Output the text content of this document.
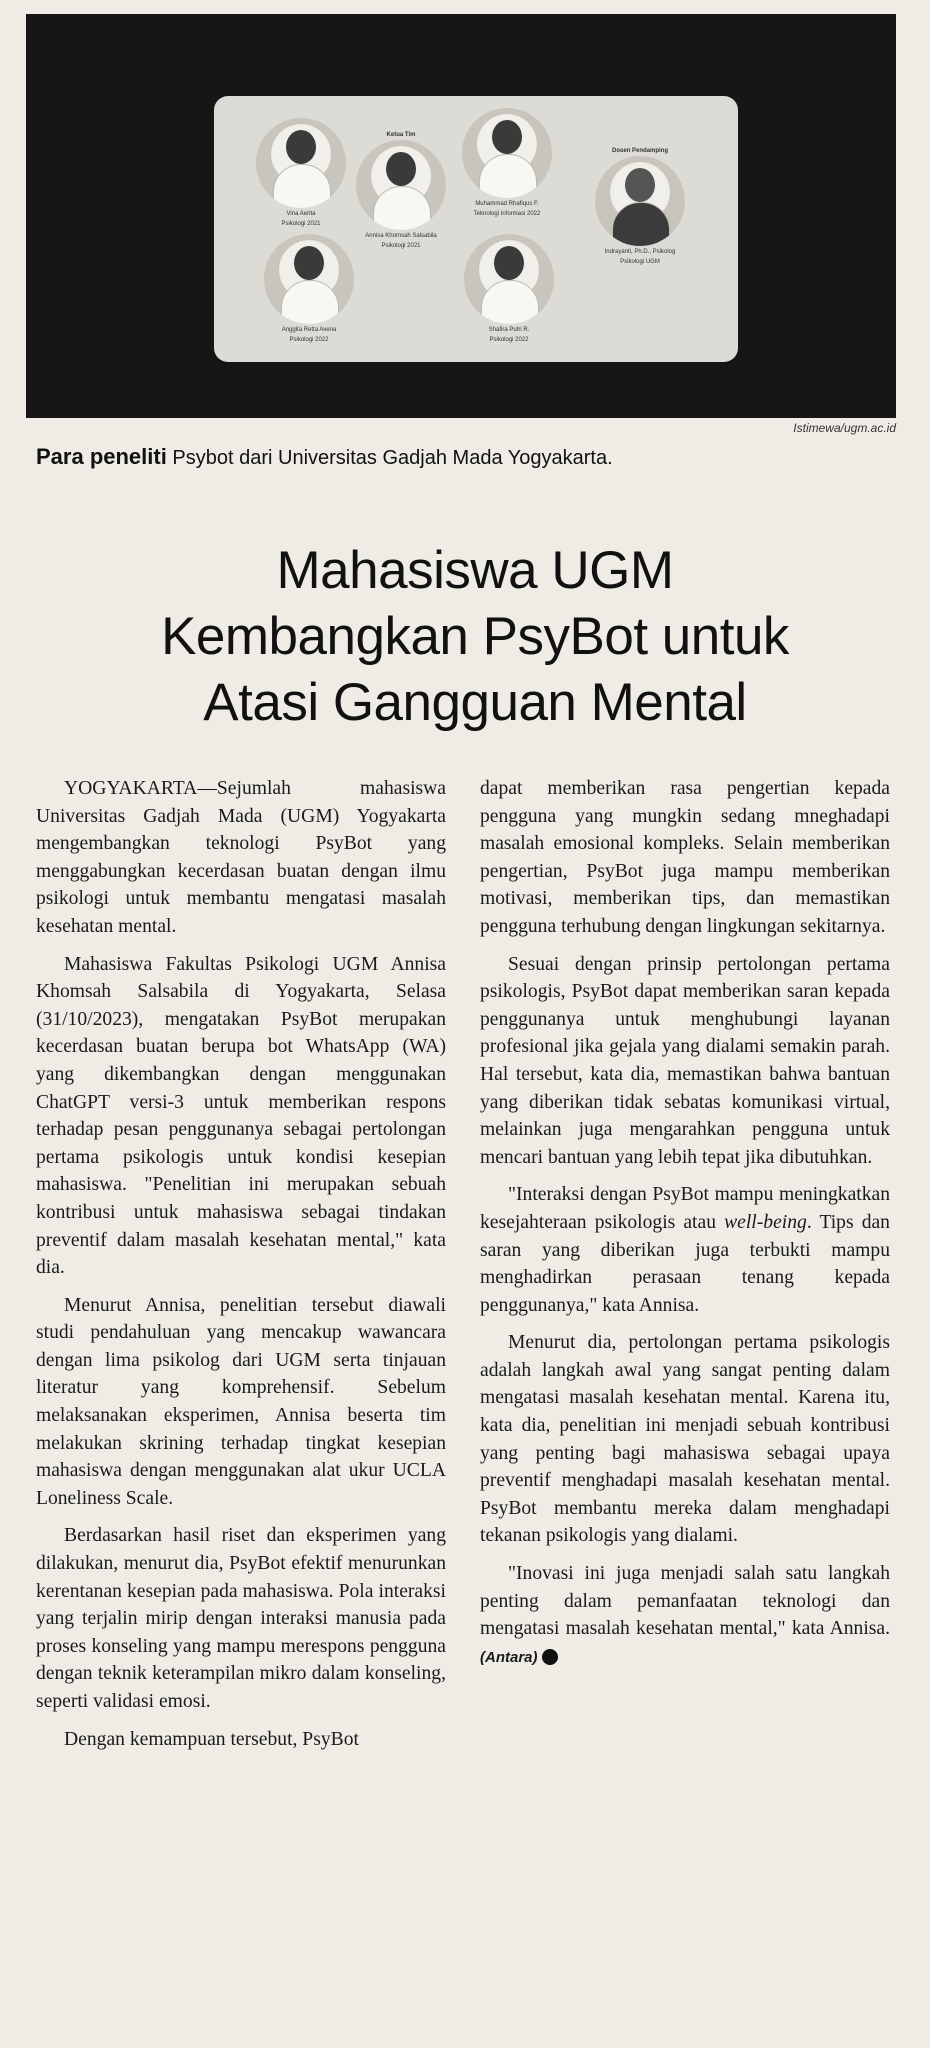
Vina Aerita
Psikologi 2021
Ketua Tim
Annisa Khomsah Salsabila
Psikologi 2021
Muhammad Rhafiqus F.
Teknologi Informasi 2022
Anggita Retta Avena
Psikologi 2022
Shafira Putri R.
Psikologi 2022
Dosen Pendamping
Indrayanti, Ph.D., Psikolog
Psikologi UGM
Istimewa/ugm.ac.id
Para peneliti Psybot dari Universitas Gadjah Mada Yogyakarta.
Mahasiswa UGM
Kembangkan PsyBot untuk
Atasi Gangguan Mental

YOGYAKARTA—Sejumlah mahasiswa Universitas Gadjah Mada (UGM) Yogyakarta mengembangkan teknologi PsyBot yang menggabungkan kecerdasan buatan dengan ilmu psikologi untuk membantu mengatasi masalah kesehatan mental.

Mahasiswa Fakultas Psikologi UGM Annisa Khomsah Salsabila di Yogyakarta, Selasa (31/10/2023), mengatakan PsyBot merupakan kecerdasan buatan berupa bot WhatsApp (WA) yang dikembangkan dengan menggunakan ChatGPT versi-3 untuk memberikan respons terhadap pesan penggunanya sebagai pertolongan pertama psikologis untuk kondisi kesepian mahasiswa. "Penelitian ini merupakan sebuah kontribusi untuk mahasiswa sebagai tindakan preventif dalam masalah kesehatan mental," kata dia.

Menurut Annisa, penelitian tersebut diawali studi pendahuluan yang mencakup wawancara dengan lima psikolog dari UGM serta tinjauan literatur yang komprehensif. Sebelum melaksanakan eksperimen, Annisa beserta tim melakukan skrining terhadap tingkat kesepian mahasiswa dengan menggunakan alat ukur UCLA Loneliness Scale.

Berdasarkan hasil riset dan eksperimen yang dilakukan, menurut dia, PsyBot efektif menurunkan kerentanan kesepian pada mahasiswa. Pola interaksi yang terjalin mirip dengan interaksi manusia pada proses konseling yang mampu merespons pengguna dengan teknik keterampilan mikro dalam konseling, seperti validasi emosi.

Dengan kemampuan tersebut, PsyBot

dapat memberikan rasa pengertian kepada pengguna yang mungkin sedang mneghadapi masalah emosional kompleks. Selain memberikan pengertian, PsyBot juga mampu memberikan motivasi, memberikan tips, dan memastikan pengguna terhubung dengan lingkungan sekitarnya.

Sesuai dengan prinsip pertolongan pertama psikologis, PsyBot dapat memberikan saran kepada penggunanya untuk menghubungi layanan profesional jika gejala yang dialami semakin parah. Hal tersebut, kata dia, memastikan bahwa bantuan yang diberikan tidak sebatas komunikasi virtual, melainkan juga mengarahkan pengguna untuk mencari bantuan yang lebih tepat jika dibutuhkan.

"Interaksi dengan PsyBot mampu meningkatkan kesejahteraan psikologis atau well-being. Tips dan saran yang diberikan juga terbukti mampu menghadirkan perasaan tenang kepada penggunanya," kata Annisa.

Menurut dia, pertolongan pertama psikologis adalah langkah awal yang sangat penting dalam mengatasi masalah kesehatan mental. Karena itu, kata dia, penelitian ini menjadi sebuah kontribusi yang penting bagi mahasiswa sebagai upaya preventif menghadapi masalah kesehatan mental. PsyBot membantu mereka dalam menghadapi tekanan psikologis yang dialami.

"Inovasi ini juga menjadi salah satu langkah penting dalam pemanfaatan teknologi dan mengatasi masalah kesehatan mental," kata Annisa. (Antara)	S
